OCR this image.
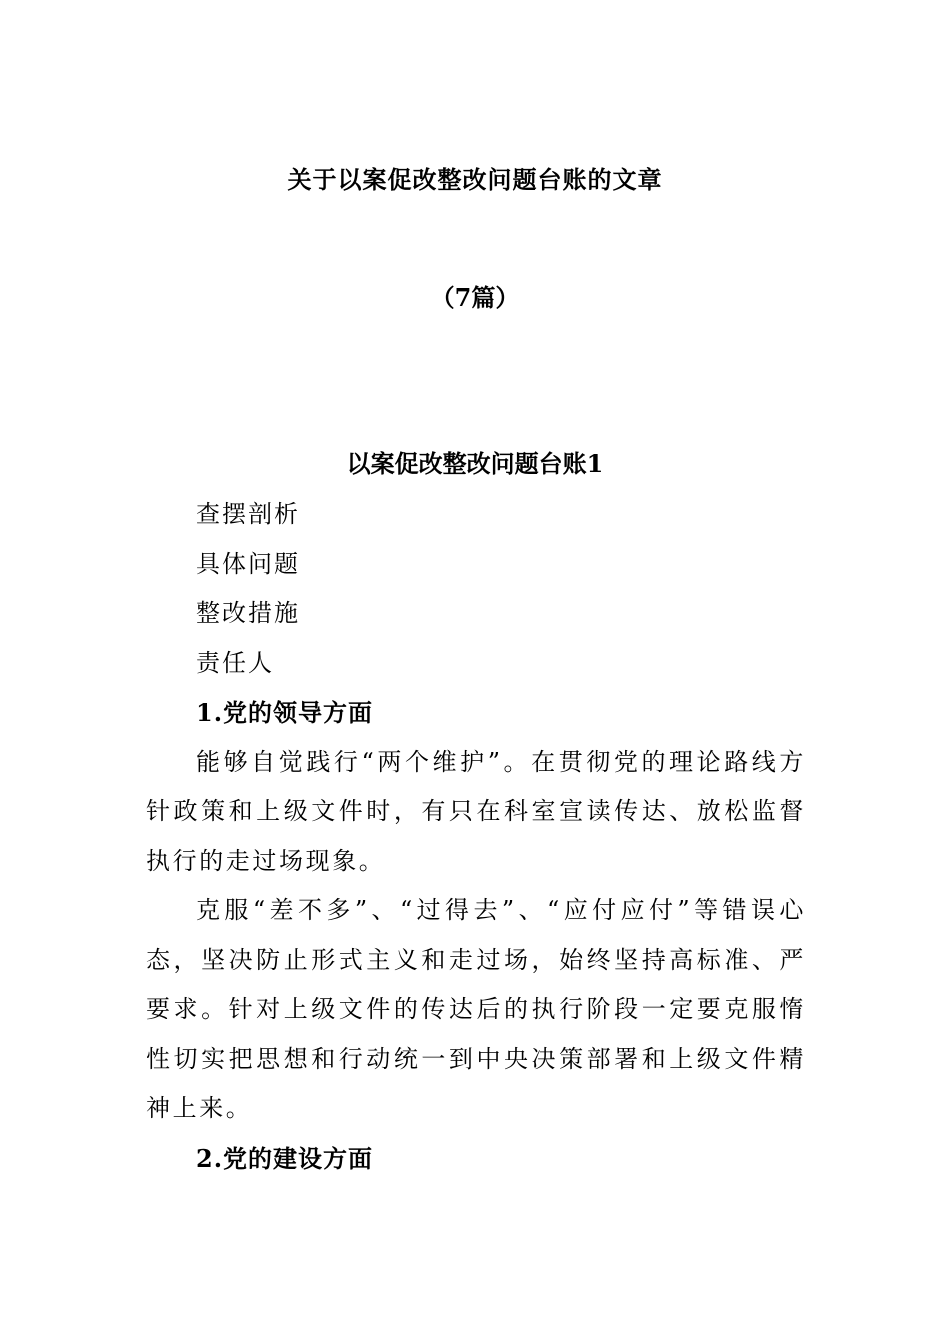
关于以案促改整改问题台账的文章
（7篇）
以案促改整改问题台账1

查摆剖析

具体问题

整改措施

责任人

1.党的领导方面

能够自觉践行“两个维护”。在贯彻党的理论路线方针政策和上级文件时，有只在科室宣读传达、放松监督执行的走过场现象。

克服“差不多”、“过得去”、“应付应付”等错误心态，坚决防止形式主义和走过场，始终坚持高标准、严要求。针对上级文件的传达后的执行阶段一定要克服惰性切实把思想和行动统一到中央决策部署和上级文件精神上来。

2.党的建设方面
